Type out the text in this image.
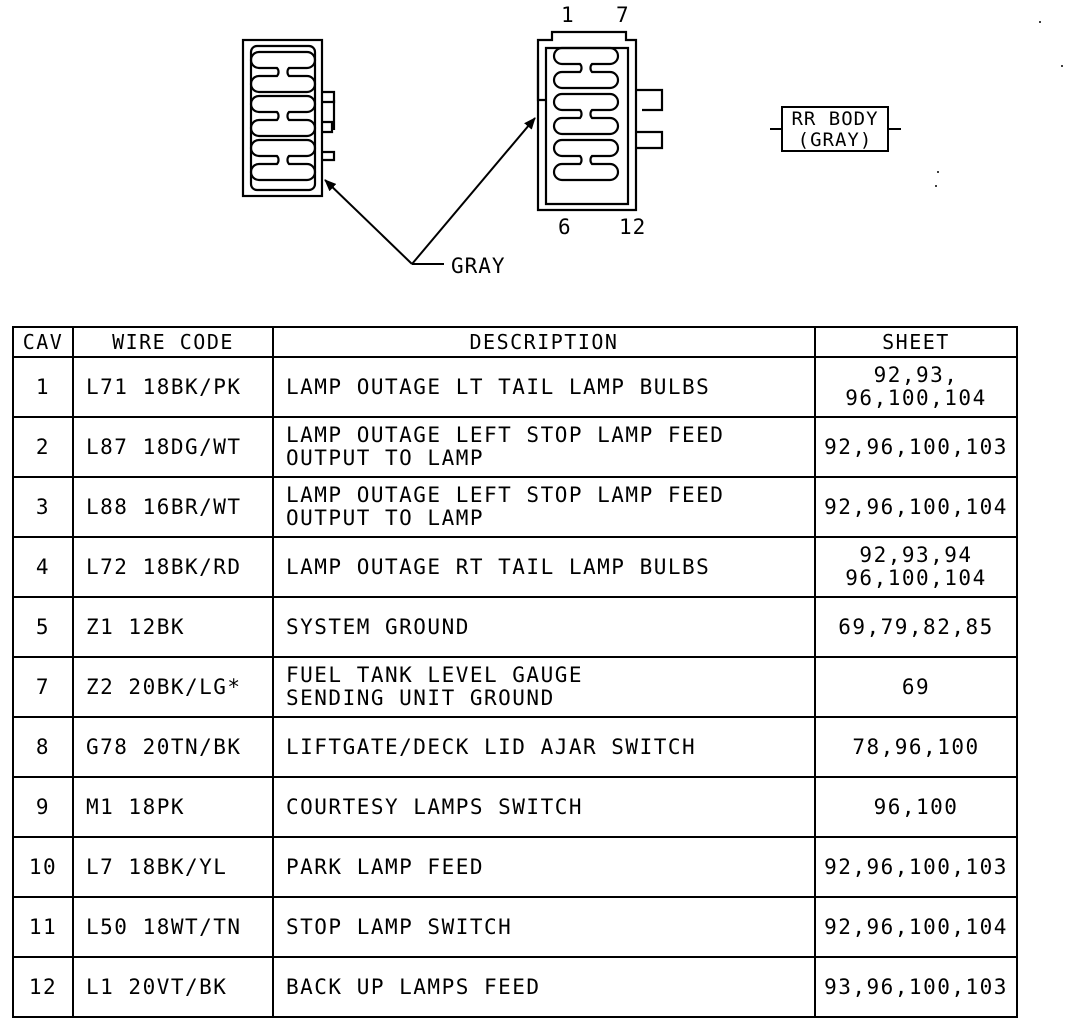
1 7
6 12
GRAY
RR BODY
(GRAY)
CAV	WIRE CODE	DESCRIPTION	SHEET
1	L71 18BK/PK	LAMP OUTAGE LT TAIL LAMP BULBS	92,93,
96,100,104
2	L87 18DG/WT	LAMP OUTAGE LEFT STOP LAMP FEED
OUTPUT TO LAMP	92,96,100,103
3	L88 16BR/WT	LAMP OUTAGE LEFT STOP LAMP FEED
OUTPUT TO LAMP	92,96,100,104
4	L72 18BK/RD	LAMP OUTAGE RT TAIL LAMP BULBS	92,93,94
96,100,104
5	Z1 12BK	SYSTEM GROUND	69,79,82,85
7	Z2 20BK/LG*	FUEL TANK LEVEL GAUGE
SENDING UNIT GROUND	69
8	G78 20TN/BK	LIFTGATE/DECK LID AJAR SWITCH	78,96,100
9	M1 18PK	COURTESY LAMPS SWITCH	96,100
10	L7 18BK/YL	PARK LAMP FEED	92,96,100,103
11	L50 18WT/TN	STOP LAMP SWITCH	92,96,100,104
12	L1 20VT/BK	BACK UP LAMPS FEED	93,96,100,103
